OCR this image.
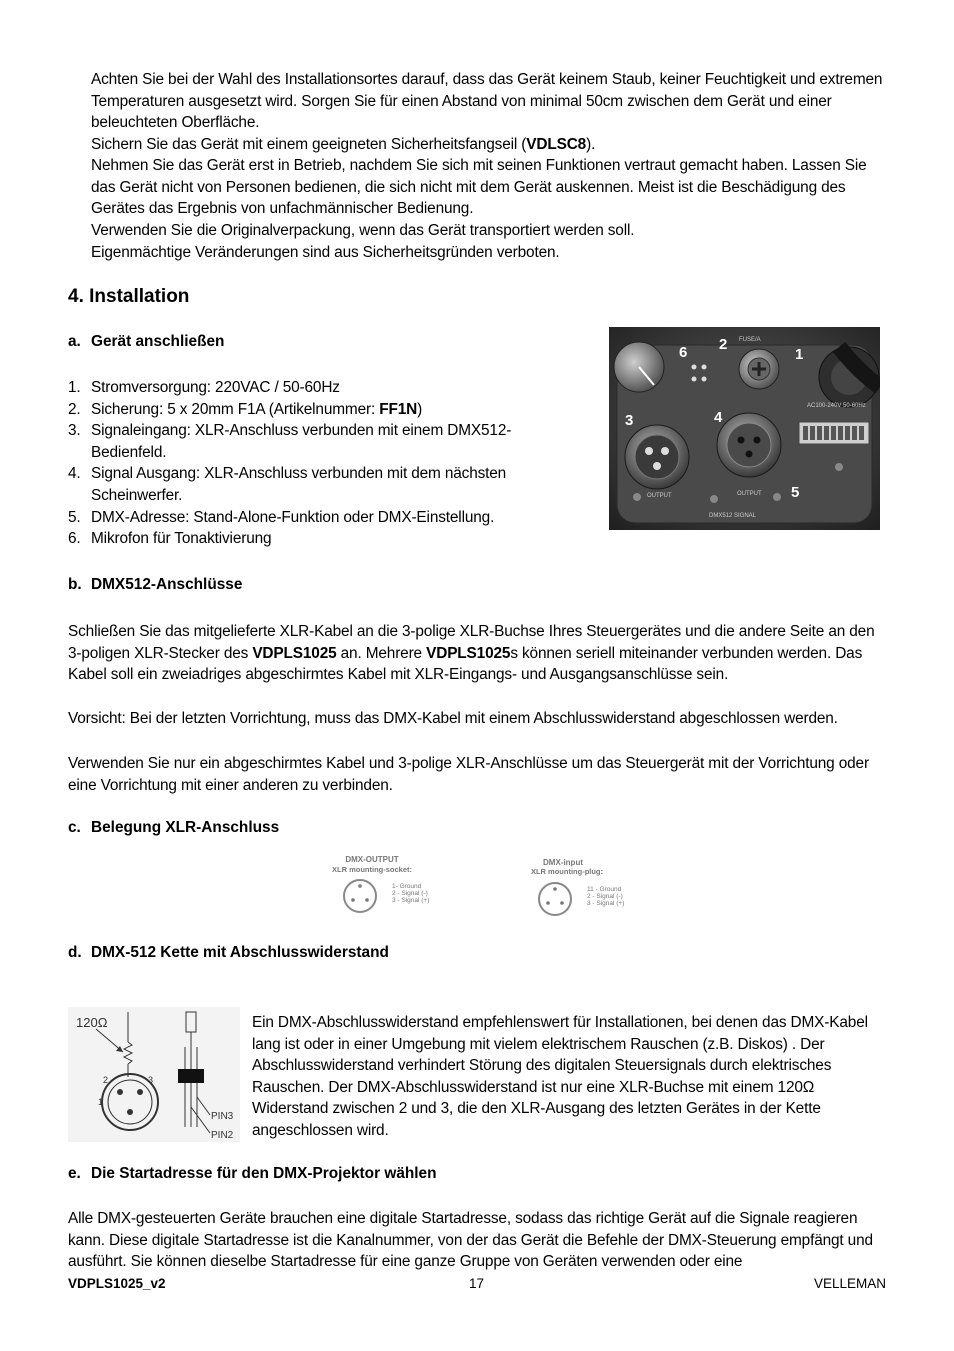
Achten Sie bei der Wahl des Installationsortes darauf, dass das Gerät keinem Staub, keiner Feuchtigkeit und extremen Temperaturen ausgesetzt wird. Sorgen Sie für einen Abstand von minimal 50cm zwischen dem Gerät und einer beleuchteten Oberfläche.
Sichern Sie das Gerät mit einem geeigneten Sicherheitsfangseil (VDLSC8).
Nehmen Sie das Gerät erst in Betrieb, nachdem Sie sich mit seinen Funktionen vertraut gemacht haben. Lassen Sie das Gerät nicht von Personen bedienen, die sich nicht mit dem Gerät auskennen. Meist ist die Beschädigung des Gerätes das Ergebnis von unfachmännischer Bedienung.
Verwenden Sie die Originalverpackung, wenn das Gerät transportiert werden soll.
Eigenmächtige Veränderungen sind aus Sicherheitsgründen verboten.
4. Installation
a. Gerät anschließen
1. Stromversorgung: 220VAC / 50-60Hz
2. Sicherung: 5 x 20mm F1A (Artikelnummer: FF1N)
3. Signaleingang: XLR-Anschluss verbunden mit einem DMX512-Bedienfeld.
4. Signal Ausgang: XLR-Anschluss verbunden mit dem nächsten Scheinwerfer.
5. DMX-Adresse: Stand-Alone-Funktion oder DMX-Einstellung.
6. Mikrofon für Tonaktivierung
6 2
1
3	4
5
FUSE/A
AC100-240V 50-60Hz
OUTPUT	OUTPUT
DMX512 SIGNAL
b. DMX512-Anschlüsse
Schließen Sie das mitgelieferte XLR-Kabel an die 3-polige XLR-Buchse Ihres Steuergerätes und die andere Seite an den 3-poligen XLR-Stecker des VDPLS1025 an. Mehrere VDPLS1025s können seriell miteinander verbunden werden. Das Kabel soll ein zweiadriges abgeschirmtes Kabel mit XLR-Eingangs- und Ausgangsanschlüsse sein.
Vorsicht: Bei der letzten Vorrichtung, muss das DMX-Kabel mit einem Abschlusswiderstand abgeschlossen werden.
Verwenden Sie nur ein abgeschirmtes Kabel und 3-polige XLR-Anschlüsse um das Steuergerät mit der Vorrichtung oder eine Vorrichtung mit einer anderen zu verbinden.
c. Belegung XLR-Anschluss
DMX-OUTPUT
XLR mounting-socket:
1- Ground
2 - Signal (-)
3 - Signal (+)
DMX-input
XLR mounting-plug:
11 - Ground
2 - Signal (-)
3 - Signal (+)
d. DMX-512 Kette mit Abschlusswiderstand
120Ω
2
1
3
PIN3
PIN2
Ein DMX-Abschlusswiderstand empfehlenswert für Installationen, bei denen das DMX-Kabel lang ist oder in einer Umgebung mit vielem elektrischem Rauschen (z.B. Diskos) . Der Abschlusswiderstand verhindert Störung des digitalen Steuersignals durch elektrisches Rauschen. Der DMX-Abschlusswiderstand ist nur eine XLR-Buchse mit einem 120Ω Widerstand zwischen 2 und 3, die den XLR-Ausgang des letzten Gerätes in der Kette angeschlossen wird.
e. Die Startadresse für den DMX-Projektor wählen
Alle DMX-gesteuerten Geräte brauchen eine digitale Startadresse, sodass das richtige Gerät auf die Signale reagieren kann. Diese digitale Startadresse ist die Kanalnummer, von der das Gerät die Befehle der DMX-Steuerung empfängt und ausführt. Sie können dieselbe Startadresse für eine ganze Gruppe von Geräten verwenden oder eine
VDPLS1025_v2	17	VELLEMAN
